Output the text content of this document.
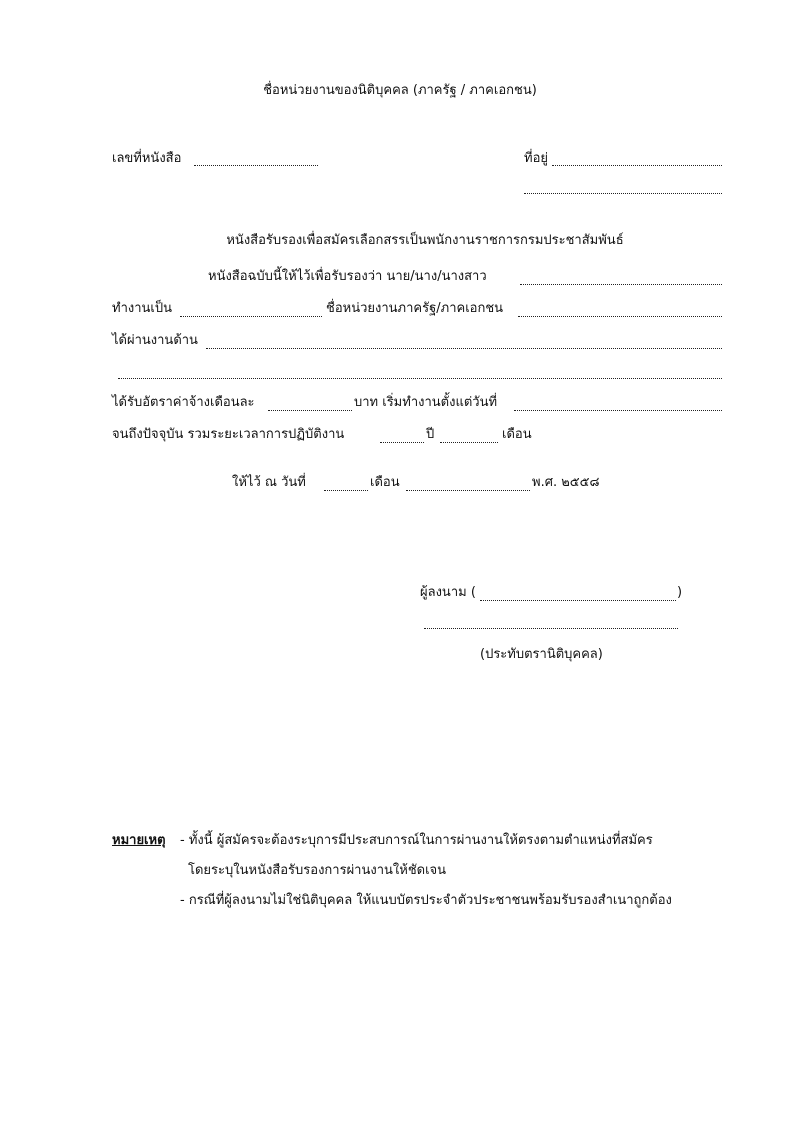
ชื่อหน่วยงานของนิติบุคคล (ภาครัฐ / ภาคเอกชน)
เลขที่หนังสือ	ที่อยู่
หนังสือรับรองเพื่อสมัครเลือกสรรเป็นพนักงานราชการกรมประชาสัมพันธ์
หนังสือฉบับนี้ให้ไว้เพื่อรับรองว่า นาย/นาง/นางสาว
ทำงานเป็น	ชื่อหน่วยงานภาครัฐ/ภาคเอกชน
ได้ผ่านงานด้าน
ได้รับอัตราค่าจ้างเดือนละ	บาท เริ่มทำงานตั้งแต่วันที่
จนถึงปัจจุบัน รวมระยะเวลาการปฏิบัติงาน	ปี	เดือน
ให้ไว้ ณ วันที่	เดือน	พ.ศ. ๒๕๕๘
ผู้ลงนาม (	)
(ประทับตรานิติบุคคล)
หมายเหตุ - ทั้งนี้ ผู้สมัครจะต้องระบุการมีประสบการณ์ในการผ่านงานให้ตรงตามตำแหน่งที่สมัคร
โดยระบุในหนังสือรับรองการผ่านงานให้ชัดเจน
- กรณีที่ผู้ลงนามไม่ใช่นิติบุคคล ให้แนบบัตรประจำตัวประชาชนพร้อมรับรองสำเนาถูกต้อง
